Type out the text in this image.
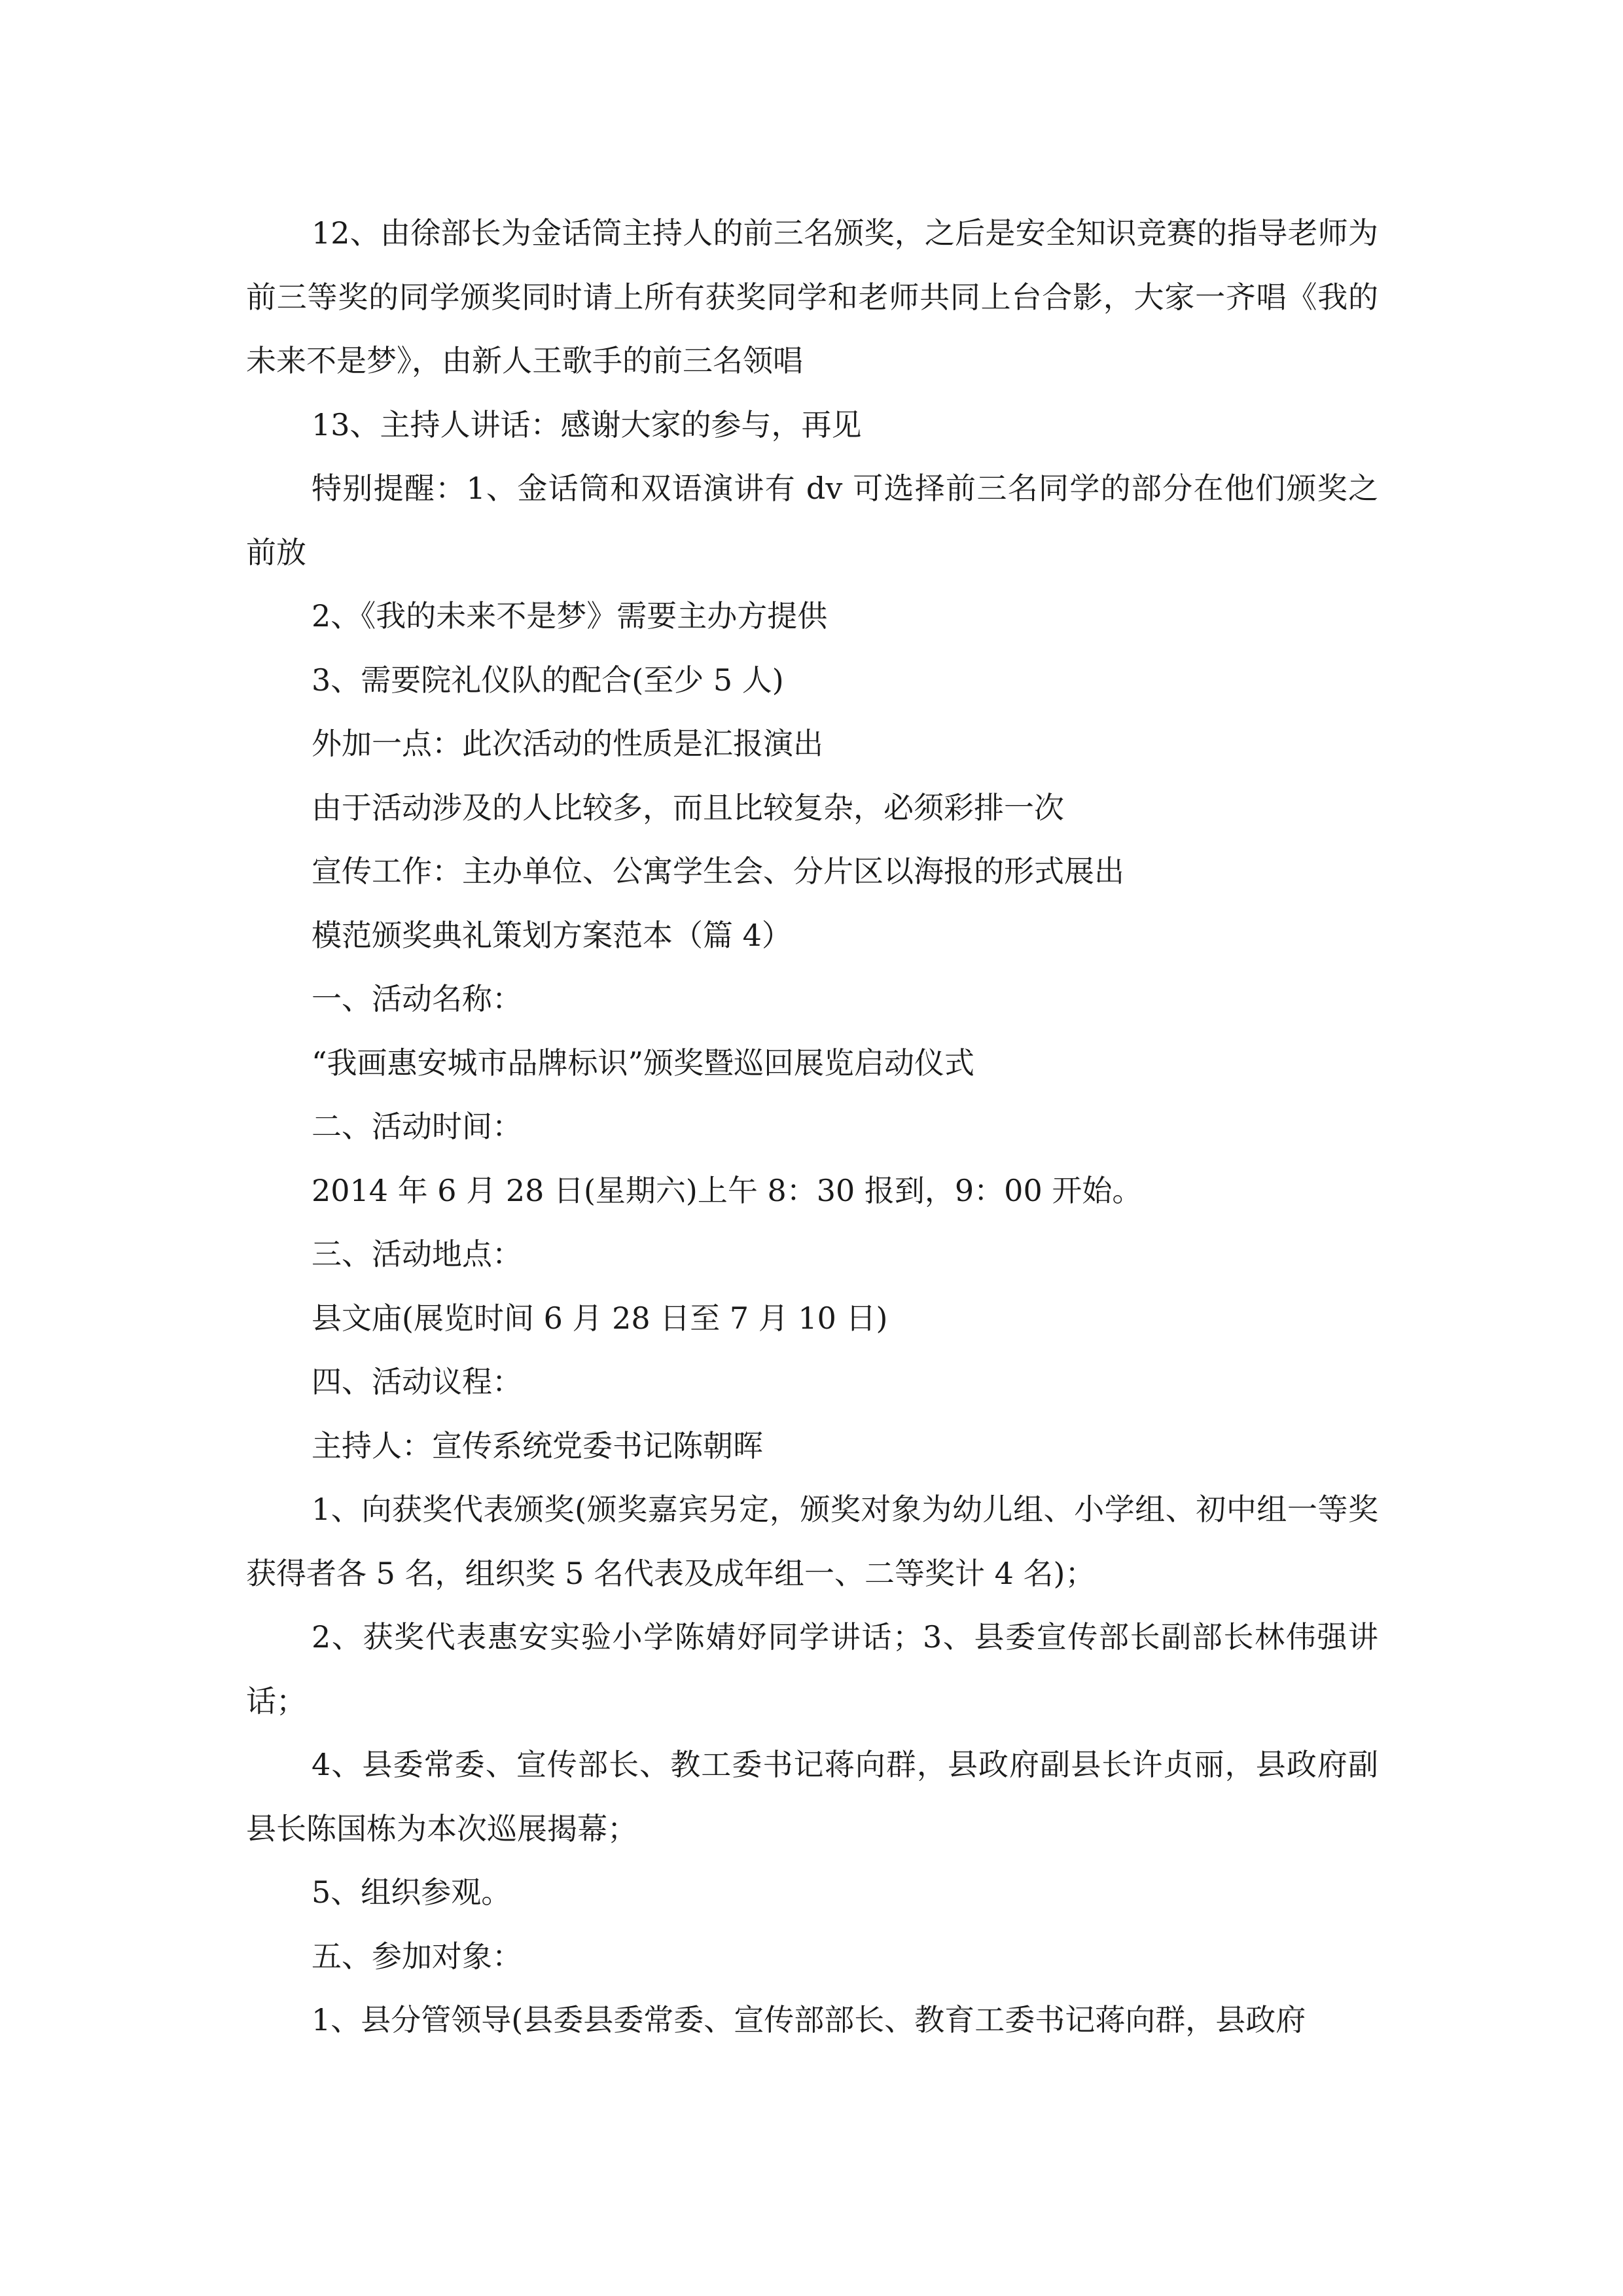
12、由徐部长为金话筒主持人的前三名颁奖，之后是安全知识竞赛的指导老师为前三等奖的同学颁奖同时请上所有获奖同学和老师共同上台合影，大家一齐唱《我的未来不是梦》，由新人王歌手的前三名领唱

13、主持人讲话：感谢大家的参与，再见

特别提醒：1、金话筒和双语演讲有 dv 可选择前三名同学的部分在他们颁奖之前放

2、《我的未来不是梦》需要主办方提供

3、需要院礼仪队的配合(至少 5 人)

外加一点：此次活动的性质是汇报演出

由于活动涉及的人比较多，而且比较复杂，必须彩排一次

宣传工作：主办单位、公寓学生会、分片区以海报的形式展出

模范颁奖典礼策划方案范本（篇 4）

一、活动名称：

“我画惠安城市品牌标识”颁奖暨巡回展览启动仪式

二、活动时间：

2014 年 6 月 28 日(星期六)上午 8：30 报到，9：00 开始。

三、活动地点：

县文庙(展览时间 6 月 28 日至 7 月 10 日)

四、活动议程：

主持人：宣传系统党委书记陈朝晖

1、向获奖代表颁奖(颁奖嘉宾另定，颁奖对象为幼儿组、小学组、初中组一等奖获得者各 5 名，组织奖 5 名代表及成年组一、二等奖计 4 名)；

2、获奖代表惠安实验小学陈婧妤同学讲话；3、县委宣传部长副部长林伟强讲话；

4、县委常委、宣传部长、教工委书记蒋向群，县政府副县长许贞丽，县政府副县长陈国栋为本次巡展揭幕；

5、组织参观。

五、参加对象：

1、县分管领导(县委县委常委、宣传部部长、教育工委书记蒋向群，县政府
